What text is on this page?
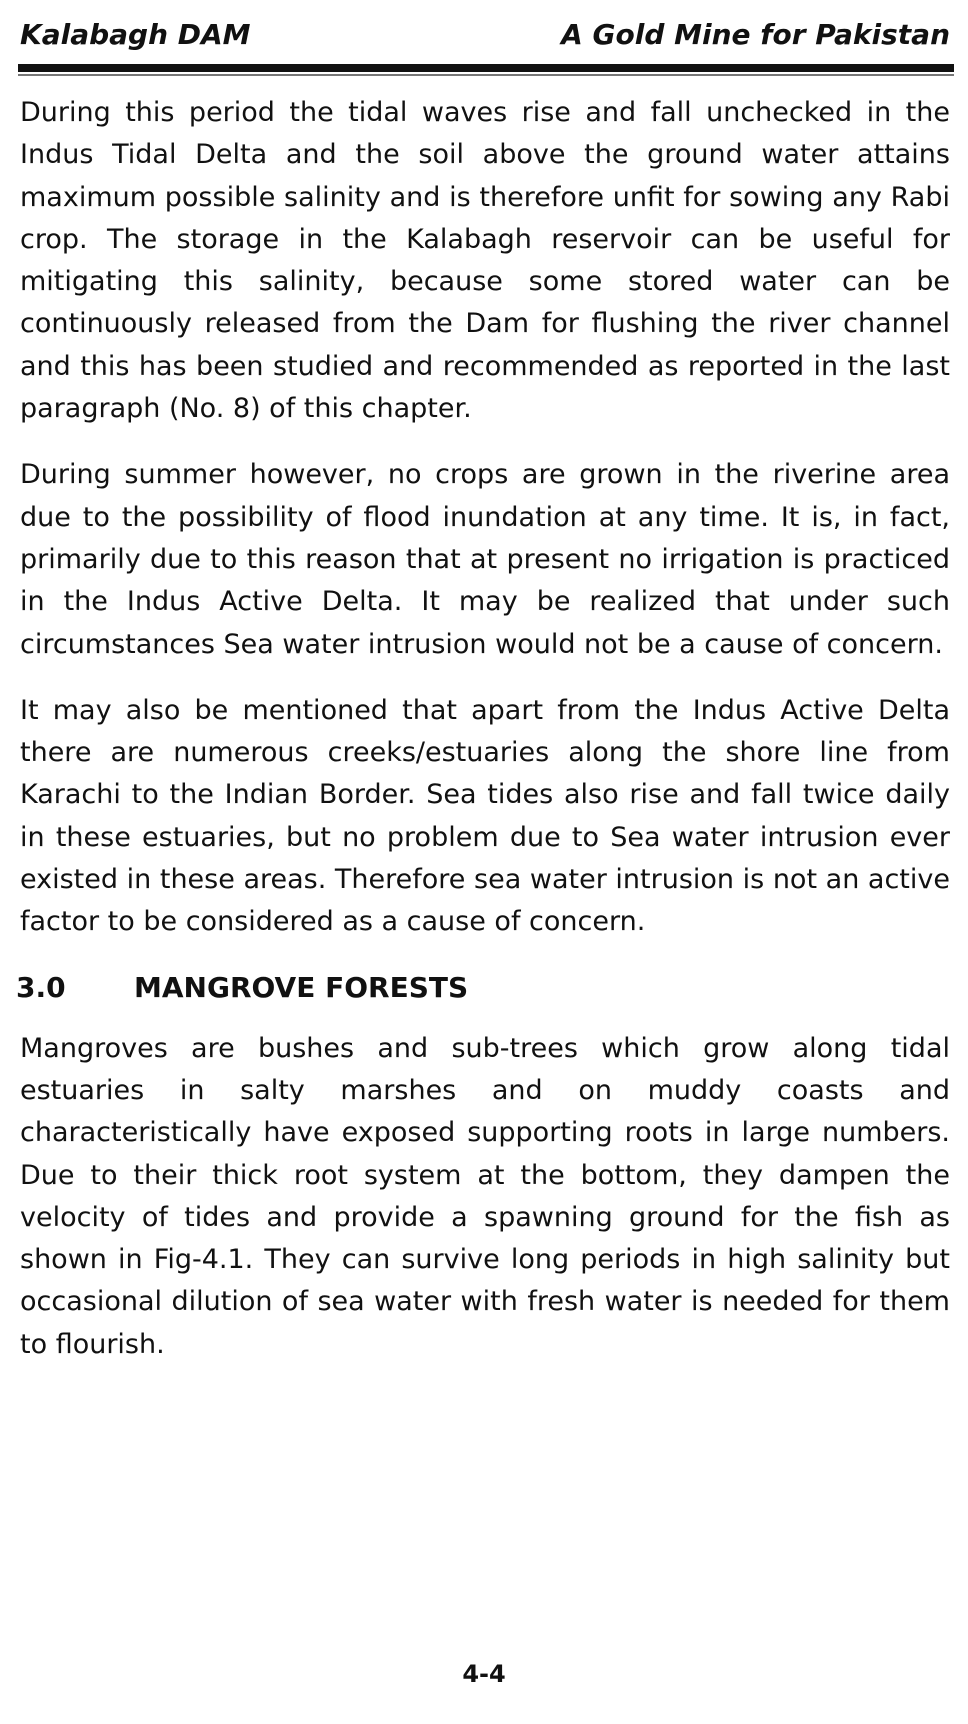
Kalabagh DAM	A Gold Mine for Pakistan

During this period the tidal waves rise and fall unchecked in the Indus Tidal Delta and the soil above the ground water attains maximum possible salinity and is therefore unfit for sowing any Rabi crop. The storage in the Kalabagh reservoir can be useful for mitigating this salinity, because some stored water can be continuously released from the Dam for flushing the river channel and this has been studied and recommended as reported in the last paragraph (No. 8) of this chapter.

During summer however, no crops are grown in the riverine area due to the possibility of flood inundation at any time. It is, in fact, primarily due to this reason that at present no irrigation is practiced in the Indus Active Delta. It may be realized that under such circumstances Sea water intrusion would not be a cause of concern.

It may also be mentioned that apart from the Indus Active Delta there are numerous creeks/estuaries along the shore line from Karachi to the Indian Border. Sea tides also rise and fall twice daily in these estuaries, but no problem due to Sea water intrusion ever existed in these areas. Therefore sea water intrusion is not an active factor to be considered as a cause of concern.

3.0	MANGROVE FORESTS

Mangroves are bushes and sub-trees which grow along tidal estuaries in salty marshes and on muddy coasts and characteristically have exposed supporting roots in large numbers. Due to their thick root system at the bottom, they dampen the velocity of tides and provide a spawning ground for the fish as shown in Fig-4.1. They can survive long periods in high salinity but occasional dilution of sea water with fresh water is needed for them to flourish.

4-4
